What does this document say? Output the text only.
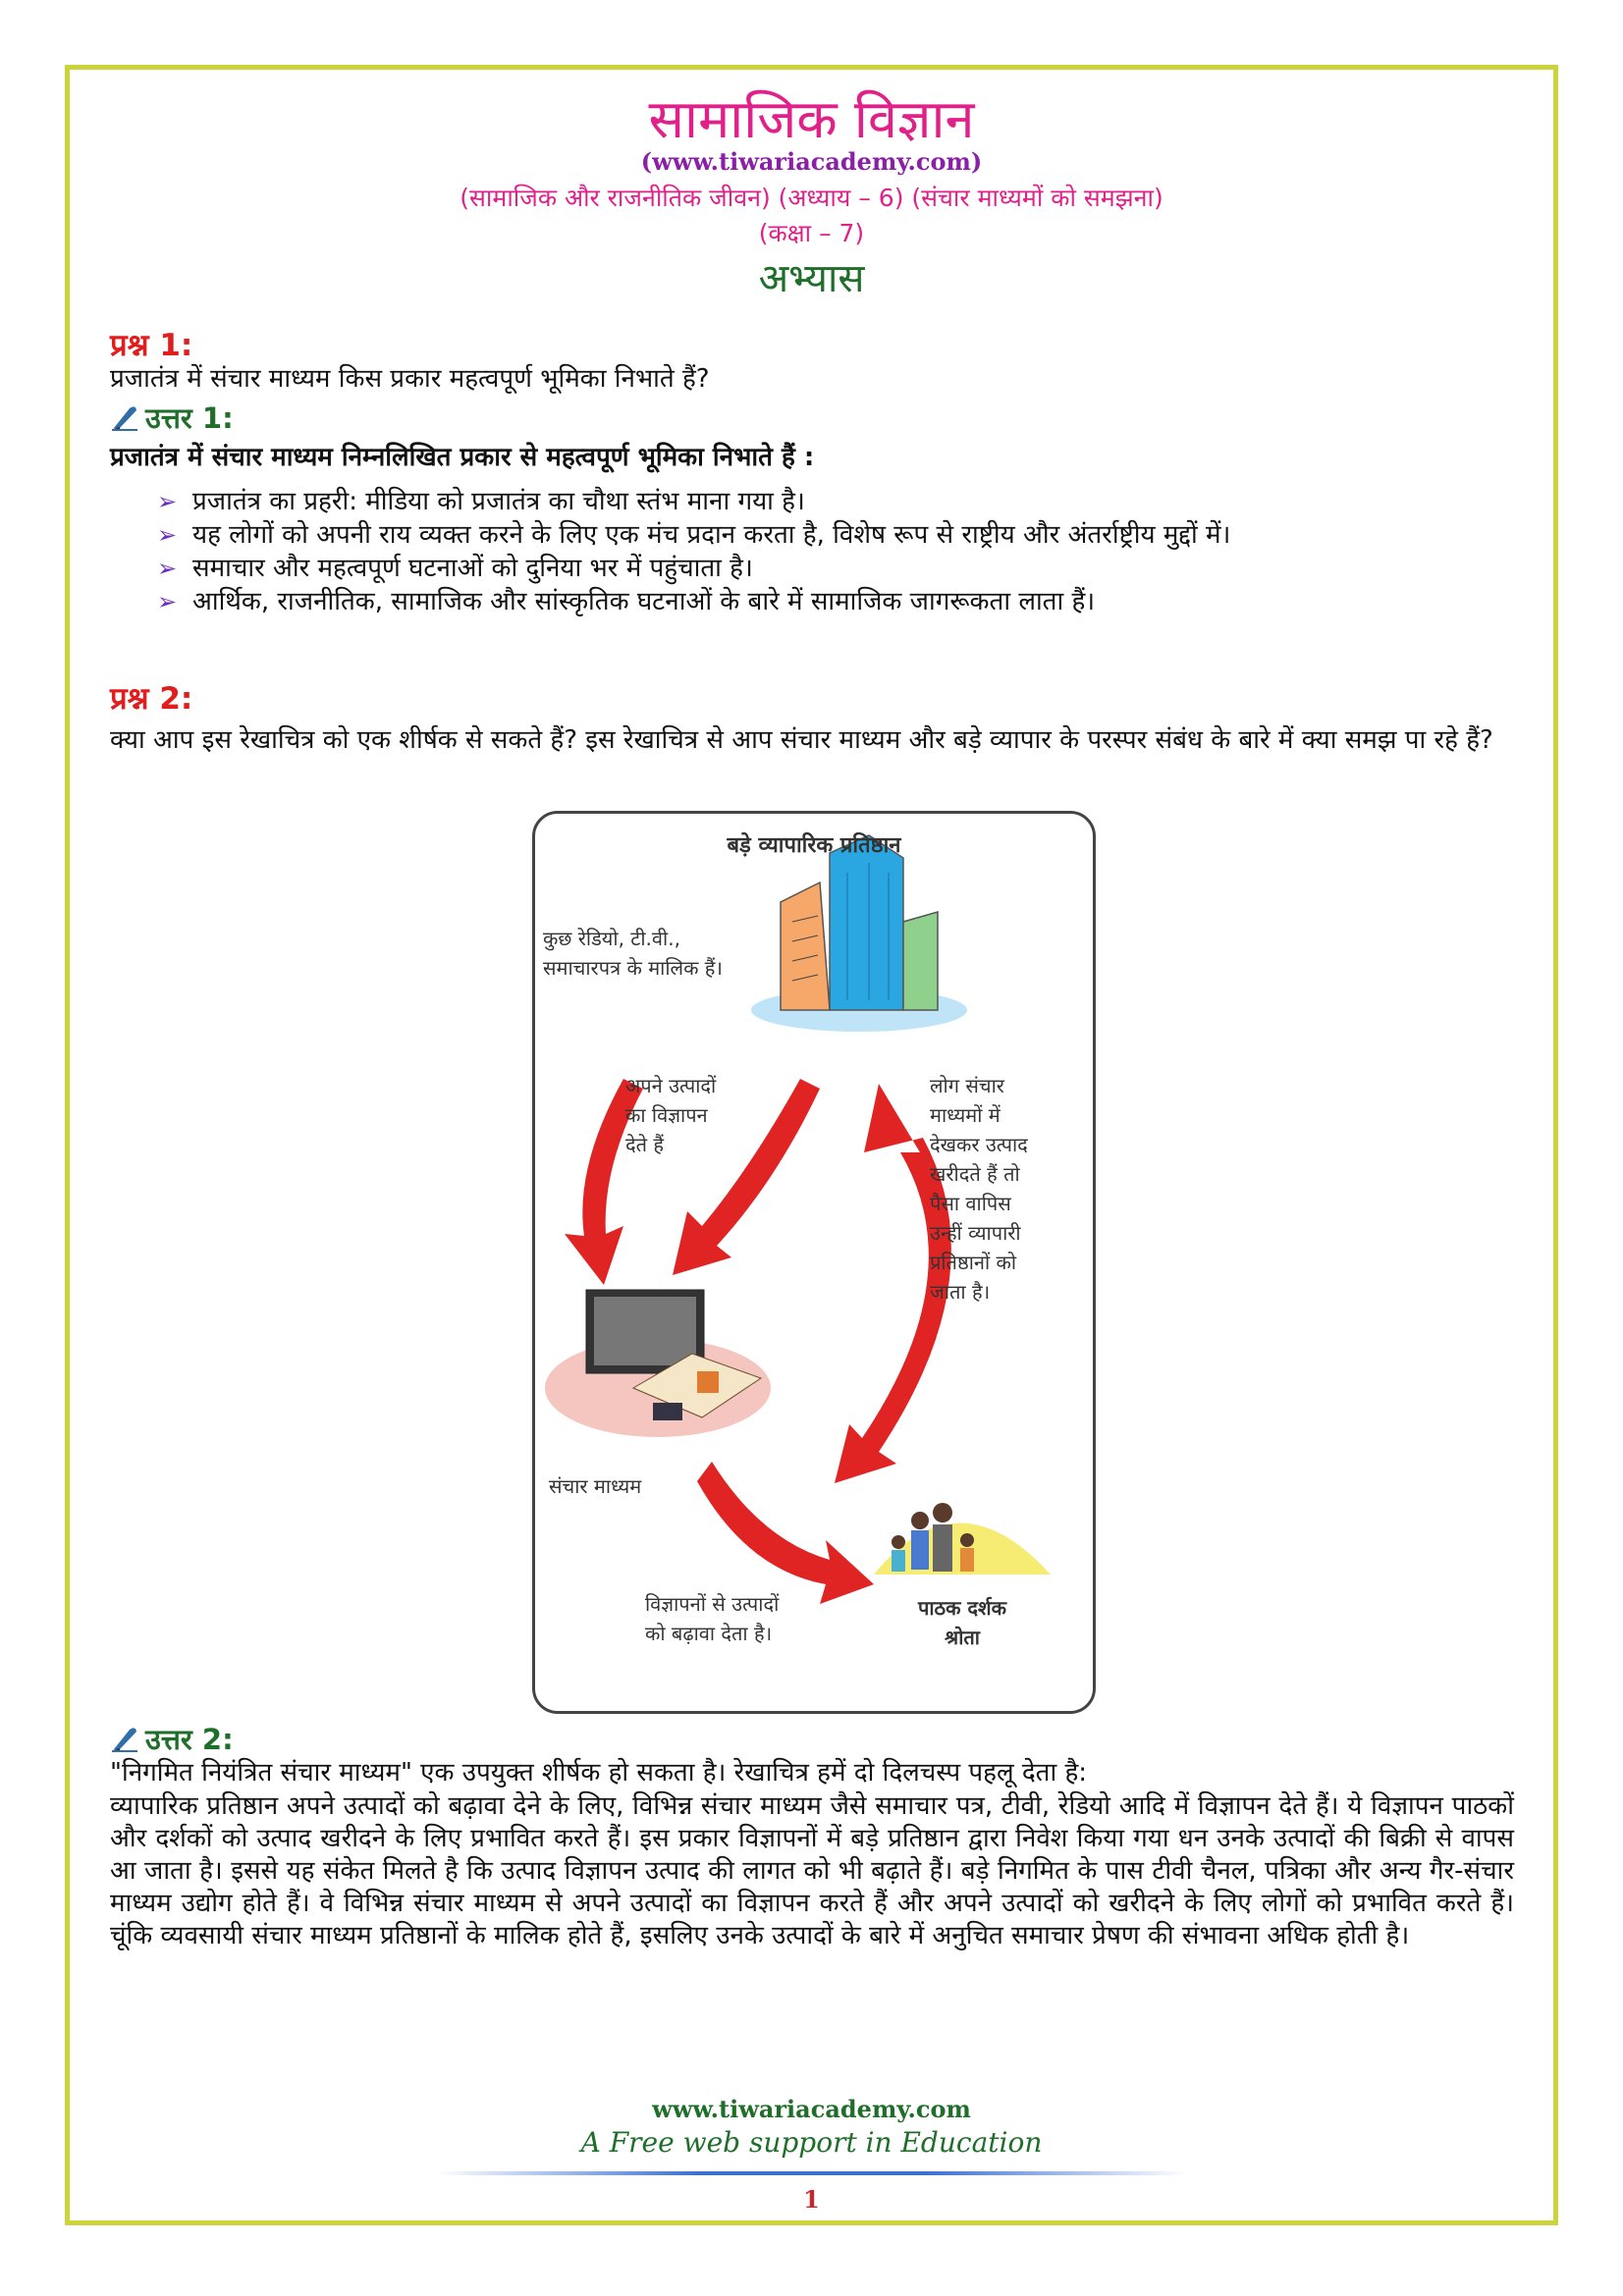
सामाजिक विज्ञान
(www.tiwariacademy.com)
(सामाजिक और राजनीतिक जीवन) (अध्याय – 6) (संचार माध्यमों को समझना)
(कक्षा – 7)
अभ्यास
प्रश्न 1:
प्रजातंत्र में संचार माध्यम किस प्रकार महत्वपूर्ण भूमिका निभाते हैं?
उत्तर 1:
प्रजातंत्र में संचार माध्यम निम्नलिखित प्रकार से महत्वपूर्ण भूमिका निभाते हैं :
➢ प्रजातंत्र का प्रहरी: मीडिया को प्रजातंत्र का चौथा स्तंभ माना गया है।
➢ यह लोगों को अपनी राय व्यक्त करने के लिए एक मंच प्रदान करता है, विशेष रूप से राष्ट्रीय और अंतर्राष्ट्रीय मुद्दों में।
➢ समाचार और महत्वपूर्ण घटनाओं को दुनिया भर में पहुंचाता है।
➢ आर्थिक, राजनीतिक, सामाजिक और सांस्कृतिक घटनाओं के बारे में सामाजिक जागरूकता लाता हैं।
प्रश्न 2:
क्या आप इस रेखाचित्र को एक शीर्षक से सकते हैं? इस रेखाचित्र से आप संचार माध्यम और बड़े व्यापार के परस्पर संबंध के बारे में क्या समझ पा रहे हैं?
बड़े व्यापारिक प्रतिष्ठान
कुछ रेडियो, टी.वी.,
समाचारपत्र के मालिक हैं।
अपने उत्पादों
का विज्ञापन
देते हैं
लोग संचार
माध्यमों में
देखकर उत्पाद
खरीदते हैं तो
पैसा वापिस
उन्हीं व्यापारी
प्रतिष्ठानों को
जाता है।
संचार माध्यम
विज्ञापनों से उत्पादों
को बढ़ावा देता है।
पाठक दर्शक
श्रोता
उत्तर 2:
"निगमित नियंत्रित संचार माध्यम" एक उपयुक्त शीर्षक हो सकता है। रेखाचित्र हमें दो दिलचस्प पहलू देता है:
व्यापारिक प्रतिष्ठान अपने उत्पादों को बढ़ावा देने के लिए, विभिन्न संचार माध्यम जैसे समाचार पत्र, टीवी, रेडियो आदि में विज्ञापन देते हैं। ये विज्ञापन पाठकों और दर्शकों को उत्पाद खरीदने के लिए प्रभावित करते हैं। इस प्रकार विज्ञापनों में बड़े प्रतिष्ठान द्वारा निवेश किया गया धन उनके उत्पादों की बिक्री से वापस आ जाता है। इससे यह संकेत मिलते है कि उत्पाद विज्ञापन उत्पाद की लागत को भी बढ़ाते हैं। बड़े निगमित के पास टीवी चैनल, पत्रिका और अन्य गैर-संचार माध्यम उद्योग होते हैं। वे विभिन्न संचार माध्यम से अपने उत्पादों का विज्ञापन करते हैं और अपने उत्पादों को खरीदने के लिए लोगों को प्रभावित करते हैं। चूंकि व्यवसायी संचार माध्यम प्रतिष्ठानों के मालिक होते हैं, इसलिए उनके उत्पादों के बारे में अनुचित समाचार प्रेषण की संभावना अधिक होती है।
www.tiwariacademy.com
A Free web support in Education
1
